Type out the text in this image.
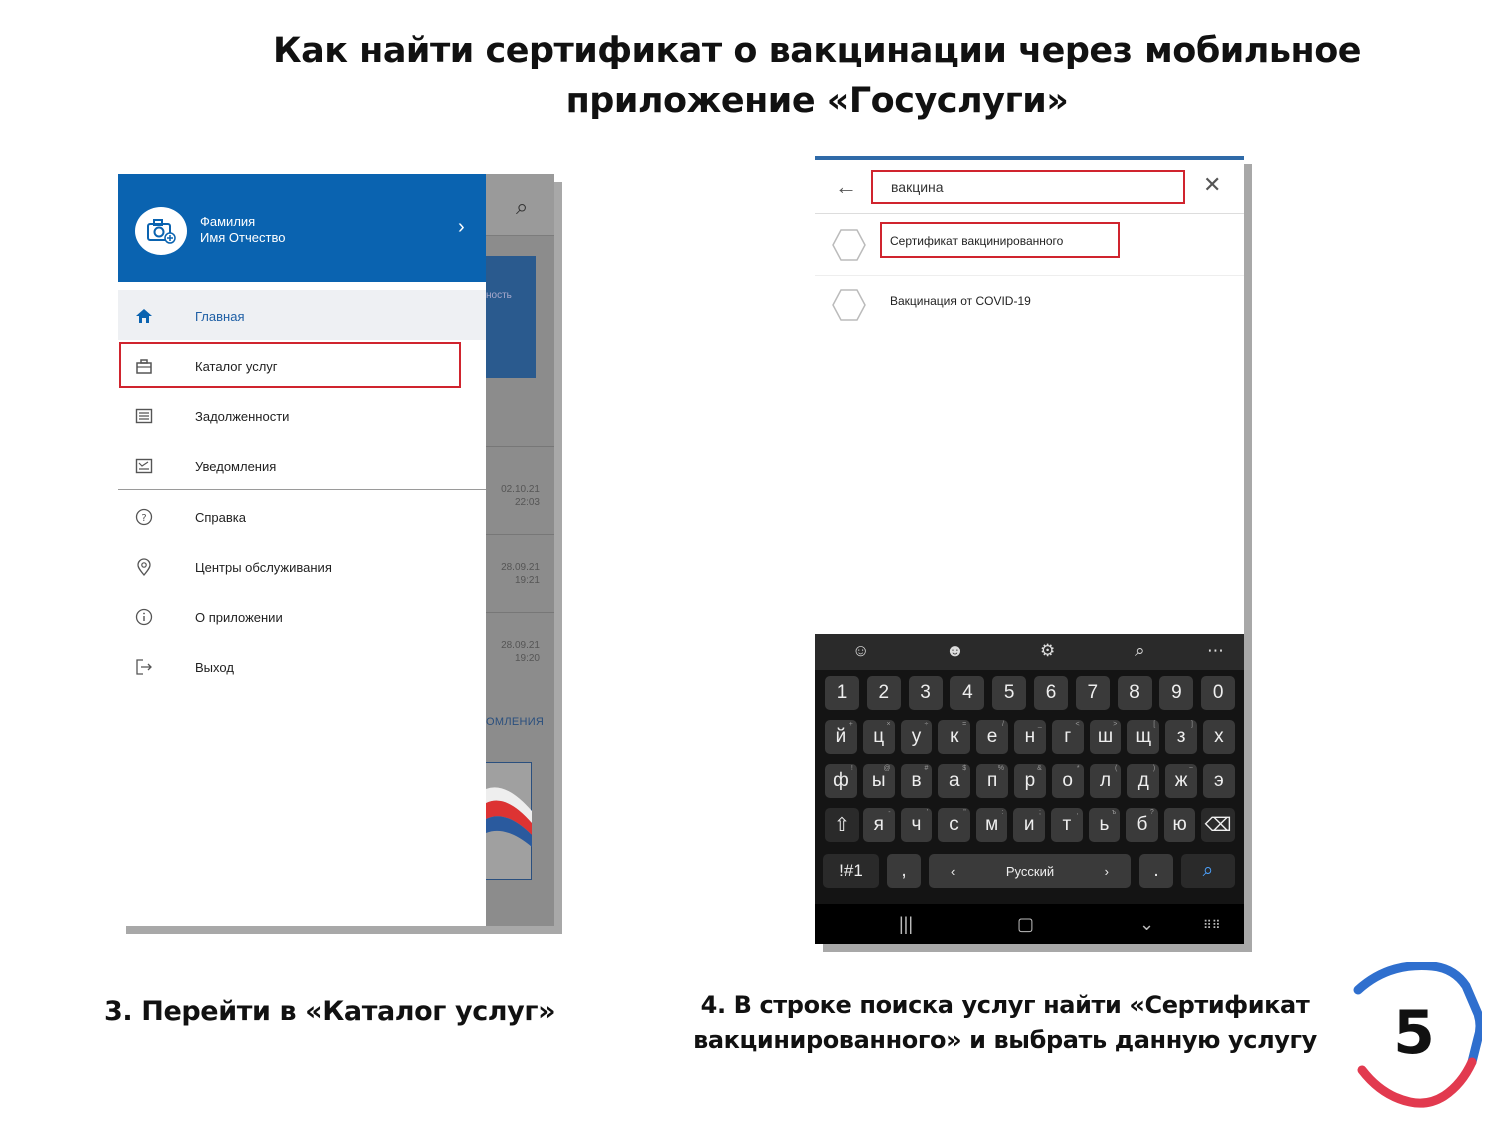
Как найти сертификат о вакцинации через мобильное
приложение «Госуслуги»
⌕
ность
02.10.21
22:03
28.09.21
19:21
28.09.21
19:20
ОМЛЕНИЯ
Фамилия
Имя Отчество	›
Главная
Каталог услуг
Задолженности
Уведомления
?	Справка
Центры обслуживания
О приложении
Выход
←
вакцина	✕
Сертификат вакцинированного
Вакцинация от COVID-19
☺	☻	⚙	⌕	⋯
1	2	3	4	5	6	7	8	9	0
й
+
ц
×
у
÷
к
=
е
/
н
_
г
<
ш
>
щ
[
з
]
х
ф
!
ы
@
в
#
а
$
п
%
р
&
о
*
л
(
д
)
ж
~
э
⇧	⌫
я
-
ч
'
с
"
м
:
и
;
т
,
ь
ъ
б
?
ю
!#1	,	‹	Русский	›	.	⌕
|||	▢	⌄	⠿⠿
3. Перейти в «Каталог услуг»	4. В строке поиска услуг найти «Сертификат
вакцинированного» и выбрать данную услугу	5
